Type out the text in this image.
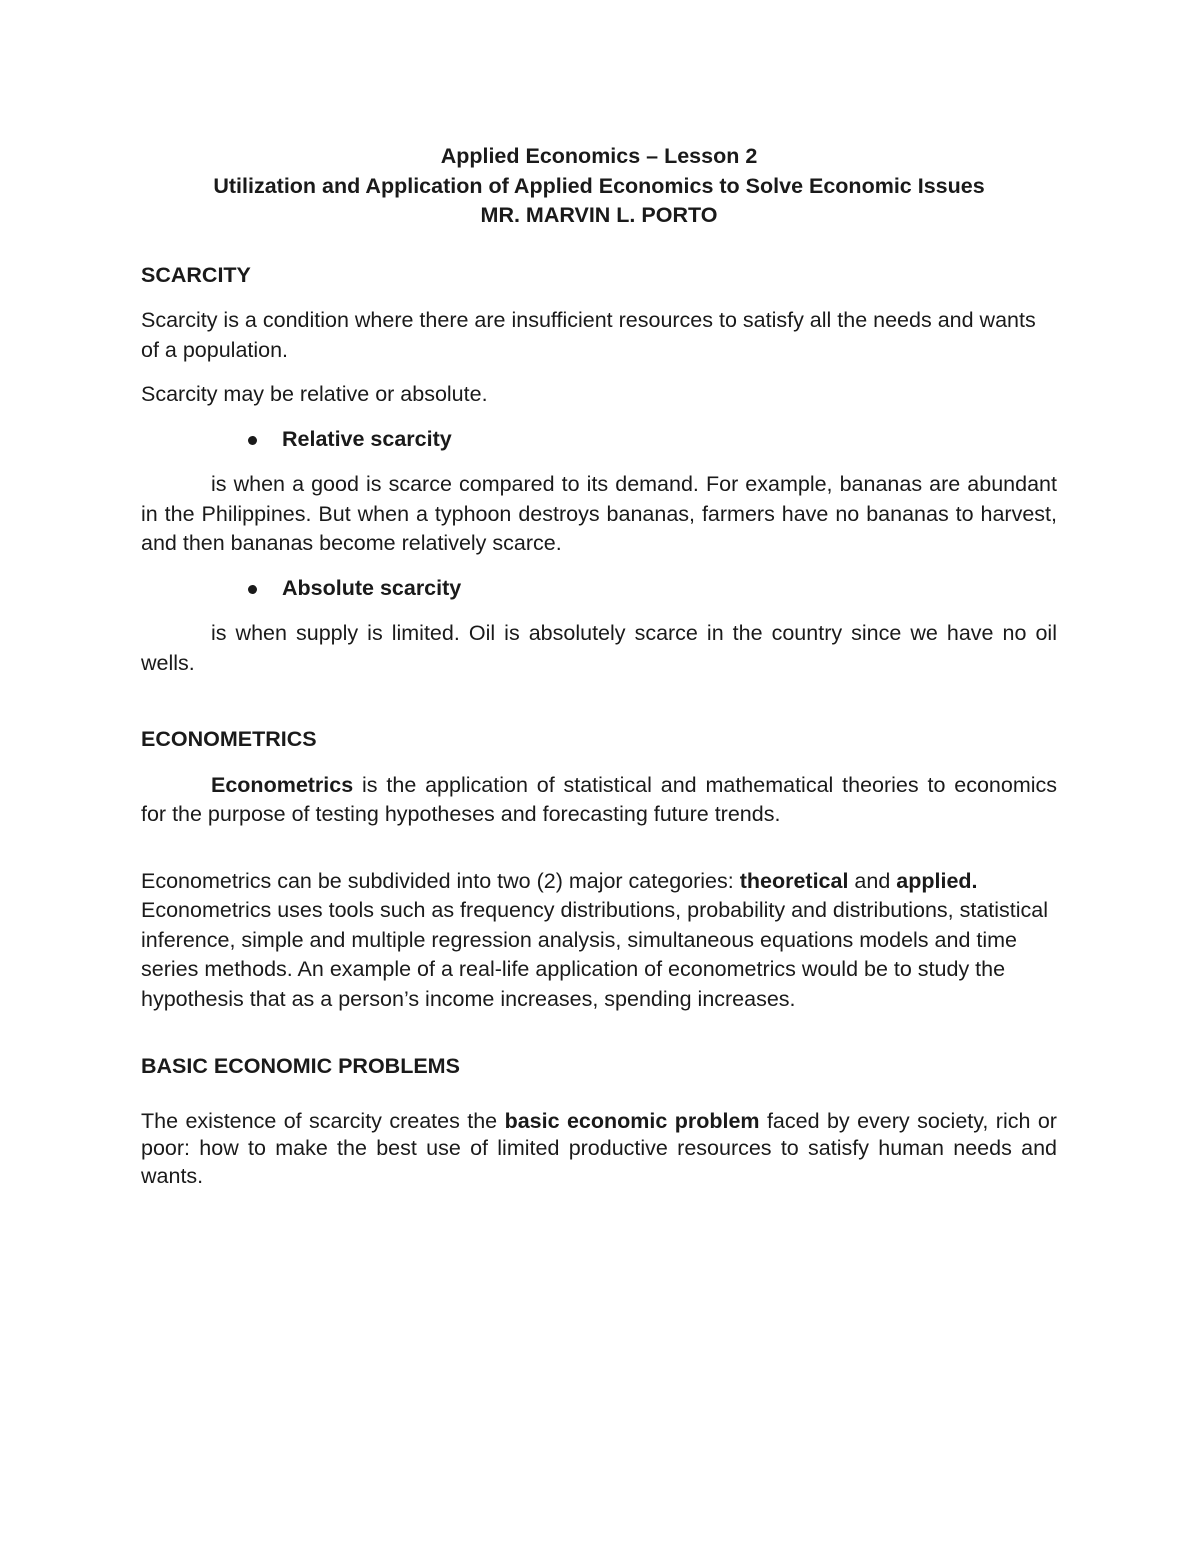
Applied Economics – Lesson 2
Utilization and Application of Applied Economics to Solve Economic Issues
MR. MARVIN L. PORTO
SCARCITY

Scarcity is a condition where there are insufficient resources to satisfy all the needs and wants of a population.

Scarcity may be relative or absolute.

Relative scarcity

is when a good is scarce compared to its demand. For example, bananas are abundant in the Philippines. But when a typhoon destroys bananas, farmers have no bananas to harvest, and then bananas become relatively scarce.

Absolute scarcity

is when supply is limited. Oil is absolutely scarce in the country since we have no oil wells.

ECONOMETRICS

Econometrics is the application of statistical and mathematical theories to economics for the purpose of testing hypotheses and forecasting future trends.

Econometrics can be subdivided into two (2) major categories: theoretical and applied. Econometrics uses tools such as frequency distributions, probability and distributions, statistical inference, simple and multiple regression analysis, simultaneous equations models and time series methods. An example of a real-life application of econometrics would be to study the hypothesis that as a person’s income increases, spending increases.

BASIC ECONOMIC PROBLEMS

The existence of scarcity creates the basic economic problem faced by every society, rich or poor: how to make the best use of limited productive resources to satisfy human needs and wants.
